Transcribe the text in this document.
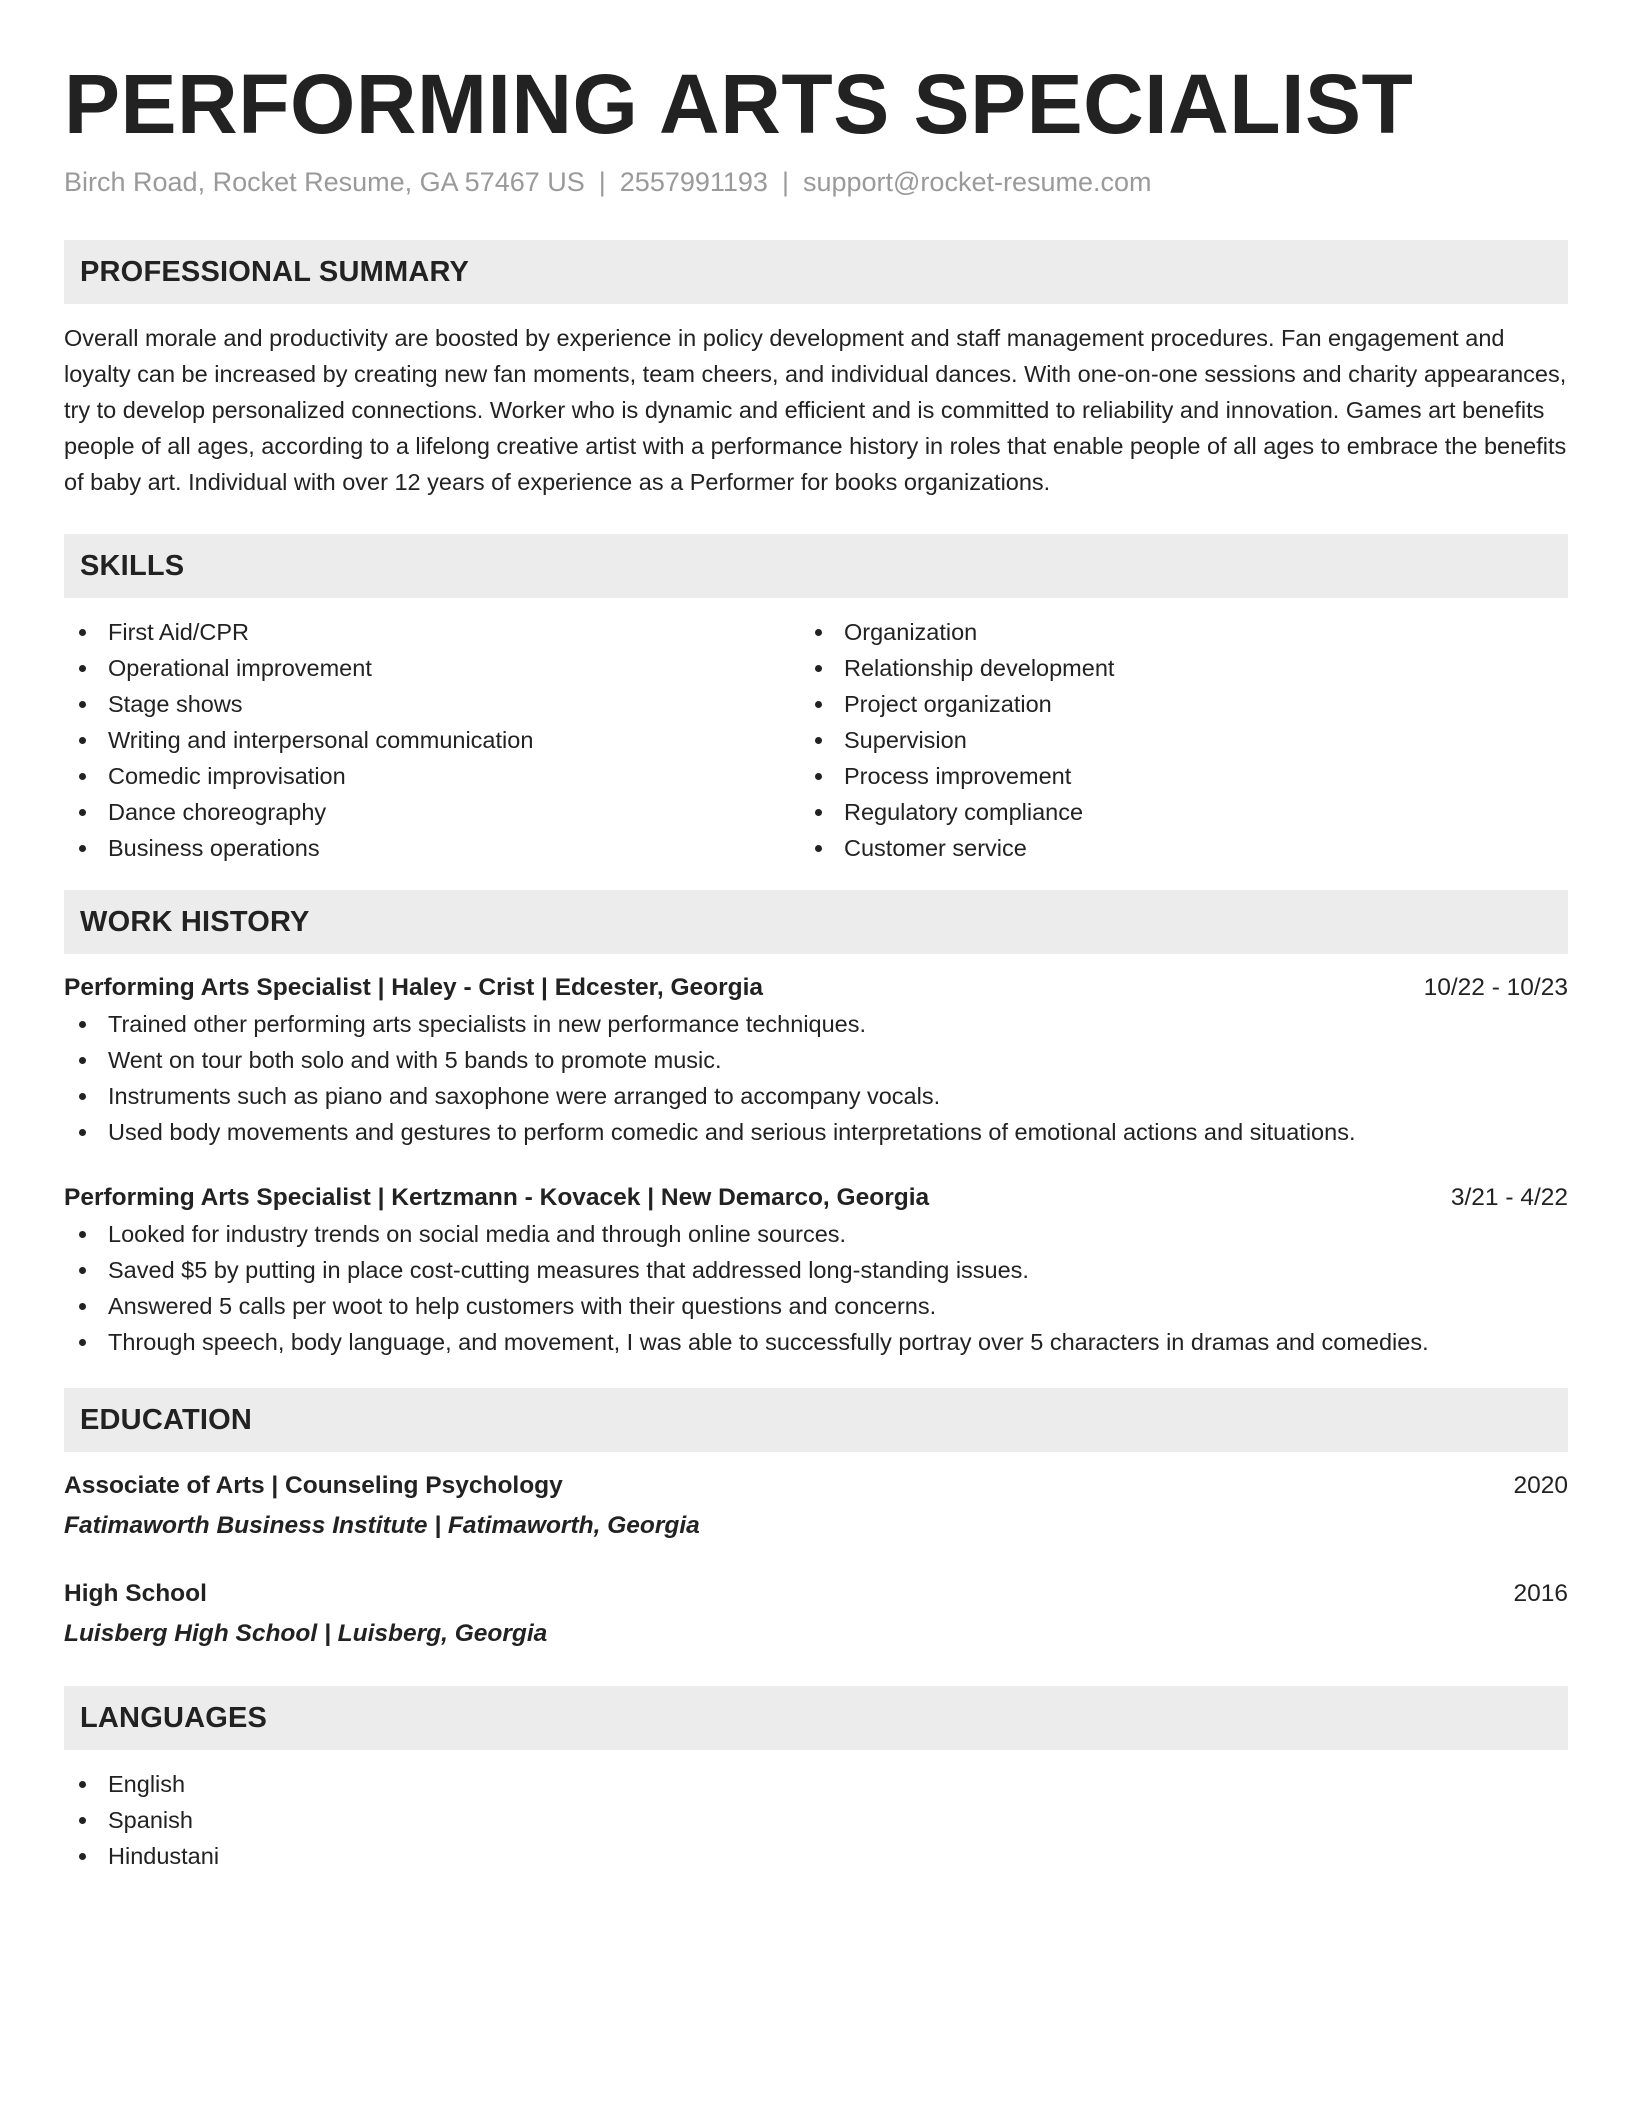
PERFORMING ARTS SPECIALIST
Birch Road, Rocket Resume, GA 57467 US | 2557991193 | support@rocket-resume.com
PROFESSIONAL SUMMARY
Overall morale and productivity are boosted by experience in policy development and staff management procedures. Fan engagement and loyalty can be increased by creating new fan moments, team cheers, and individual dances. With one-on-one sessions and charity appearances, try to develop personalized connections. Worker who is dynamic and efficient and is committed to reliability and innovation. Games art benefits people of all ages, according to a lifelong creative artist with a performance history in roles that enable people of all ages to embrace the benefits of baby art. Individual with over 12 years of experience as a Performer for books organizations.
SKILLS
First Aid/CPR
Operational improvement
Stage shows
Writing and interpersonal communication
Comedic improvisation
Dance choreography
Business operations
Organization
Relationship development
Project organization
Supervision
Process improvement
Regulatory compliance
Customer service
WORK HISTORY
Performing Arts Specialist | Haley - Crist | Edcester, Georgia	10/22 - 10/23
Trained other performing arts specialists in new performance techniques.
Went on tour both solo and with 5 bands to promote music.
Instruments such as piano and saxophone were arranged to accompany vocals.
Used body movements and gestures to perform comedic and serious interpretations of emotional actions and situations.
Performing Arts Specialist | Kertzmann - Kovacek | New Demarco, Georgia	3/21 - 4/22
Looked for industry trends on social media and through online sources.
Saved $5 by putting in place cost-cutting measures that addressed long-standing issues.
Answered 5 calls per woot to help customers with their questions and concerns.
Through speech, body language, and movement, I was able to successfully portray over 5 characters in dramas and comedies.
EDUCATION
Associate of Arts | Counseling Psychology	2020
Fatimaworth Business Institute | Fatimaworth, Georgia
High School	2016
Luisberg High School | Luisberg, Georgia
LANGUAGES
English
Spanish
Hindustani
